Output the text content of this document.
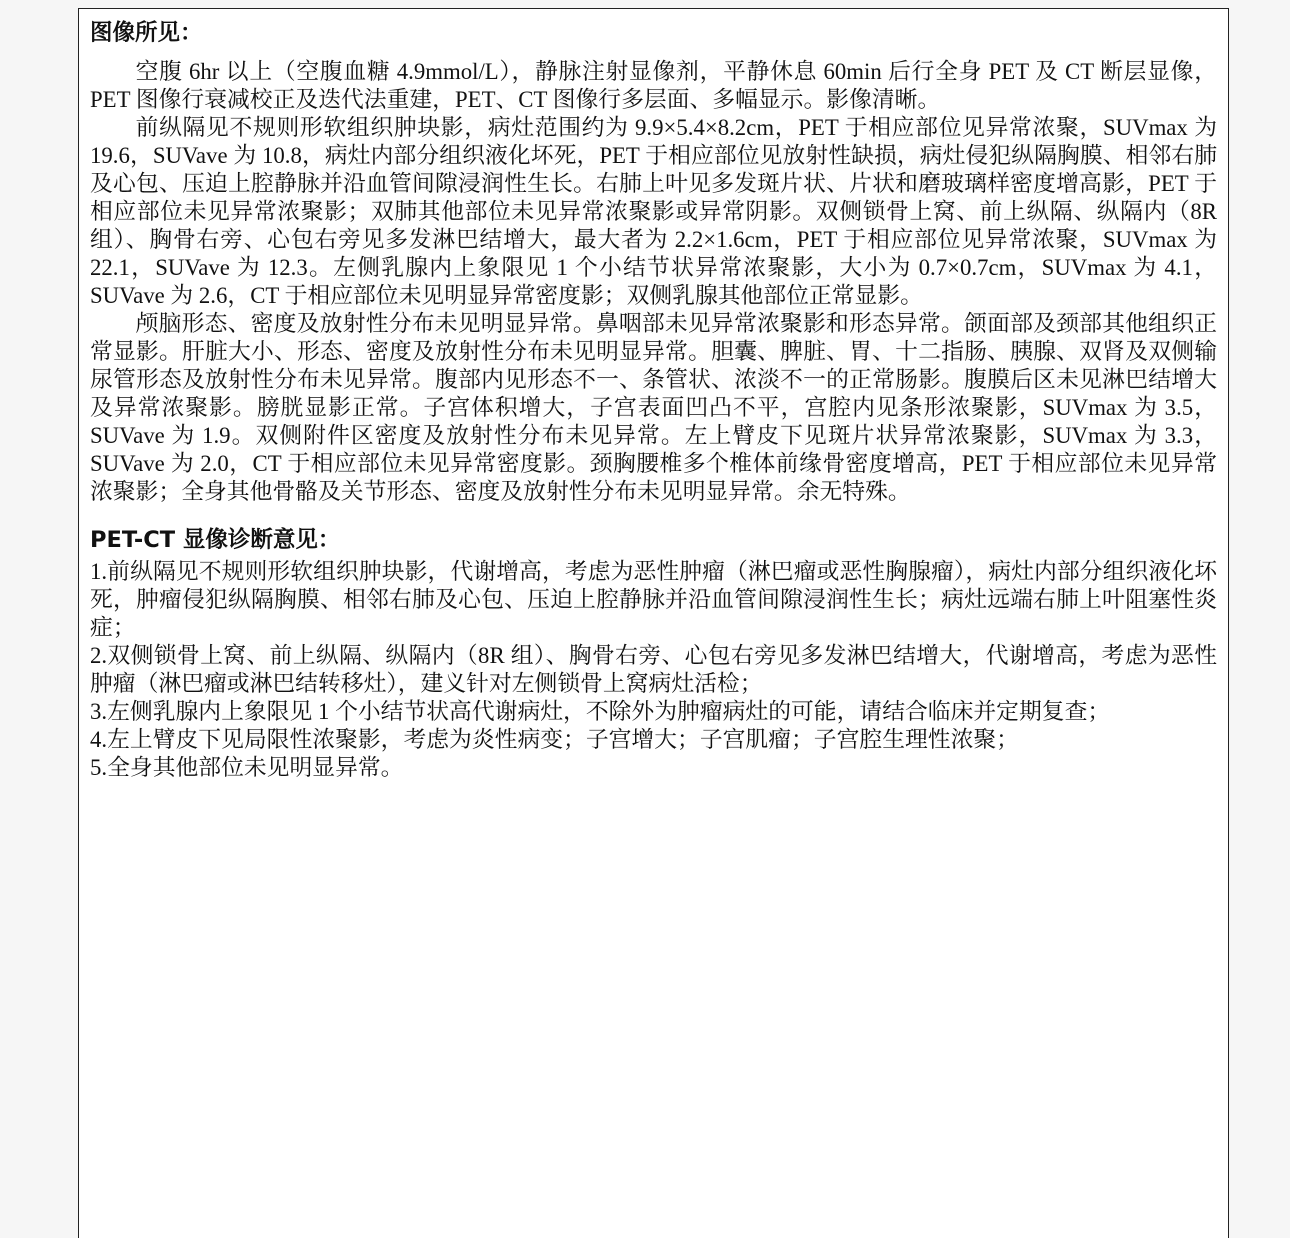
图像所见：

空腹 6hr 以上（空腹血糖 4.9mmol/L），静脉注射显像剂，平静休息 60min 后行全身 PET 及 CT 断层显像，PET 图像行衰减校正及迭代法重建，PET、CT 图像行多层面、多幅显示。影像清晰。

前纵隔见不规则形软组织肿块影，病灶范围约为 9.9×5.4×8.2cm，PET 于相应部位见异常浓聚，SUVmax 为 19.6，SUVave 为 10.8，病灶内部分组织液化坏死，PET 于相应部位见放射性缺损，病灶侵犯纵隔胸膜、相邻右肺及心包、压迫上腔静脉并沿血管间隙浸润性生长。右肺上叶见多发斑片状、片状和磨玻璃样密度增高影，PET 于相应部位未见异常浓聚影；双肺其他部位未见异常浓聚影或异常阴影。双侧锁骨上窝、前上纵隔、纵隔内（8R 组）、胸骨右旁、心包右旁见多发淋巴结增大，最大者为 2.2×1.6cm，PET 于相应部位见异常浓聚，SUVmax 为 22.1，SUVave 为 12.3。左侧乳腺内上象限见 1 个小结节状异常浓聚影，大小为 0.7×0.7cm，SUVmax 为 4.1，SUVave 为 2.6，CT 于相应部位未见明显异常密度影；双侧乳腺其他部位正常显影。

颅脑形态、密度及放射性分布未见明显异常。鼻咽部未见异常浓聚影和形态异常。颌面部及颈部其他组织正常显影。肝脏大小、形态、密度及放射性分布未见明显异常。胆囊、脾脏、胃、十二指肠、胰腺、双肾及双侧输尿管形态及放射性分布未见异常。腹部内见形态不一、条管状、浓淡不一的正常肠影。腹膜后区未见淋巴结增大及异常浓聚影。膀胱显影正常。子宫体积增大，子宫表面凹凸不平，宫腔内见条形浓聚影，SUVmax 为 3.5，SUVave 为 1.9。双侧附件区密度及放射性分布未见异常。左上臂皮下见斑片状异常浓聚影，SUVmax 为 3.3，SUVave 为 2.0，CT 于相应部位未见异常密度影。颈胸腰椎多个椎体前缘骨密度增高，PET 于相应部位未见异常浓聚影；全身其他骨骼及关节形态、密度及放射性分布未见明显异常。余无特殊。

PET-CT 显像诊断意见：

1.前纵隔见不规则形软组织肿块影，代谢增高，考虑为恶性肿瘤（淋巴瘤或恶性胸腺瘤），病灶内部分组织液化坏死，肿瘤侵犯纵隔胸膜、相邻右肺及心包、压迫上腔静脉并沿血管间隙浸润性生长；病灶远端右肺上叶阻塞性炎症；

2.双侧锁骨上窝、前上纵隔、纵隔内（8R 组）、胸骨右旁、心包右旁见多发淋巴结增大，代谢增高，考虑为恶性肿瘤（淋巴瘤或淋巴结转移灶），建义针对左侧锁骨上窝病灶活检；

3.左侧乳腺内上象限见 1 个小结节状高代谢病灶，不除外为肿瘤病灶的可能，请结合临床并定期复查；

4.左上臂皮下见局限性浓聚影，考虑为炎性病变；子宫增大；子宫肌瘤；子宫腔生理性浓聚；

5.全身其他部位未见明显异常。
